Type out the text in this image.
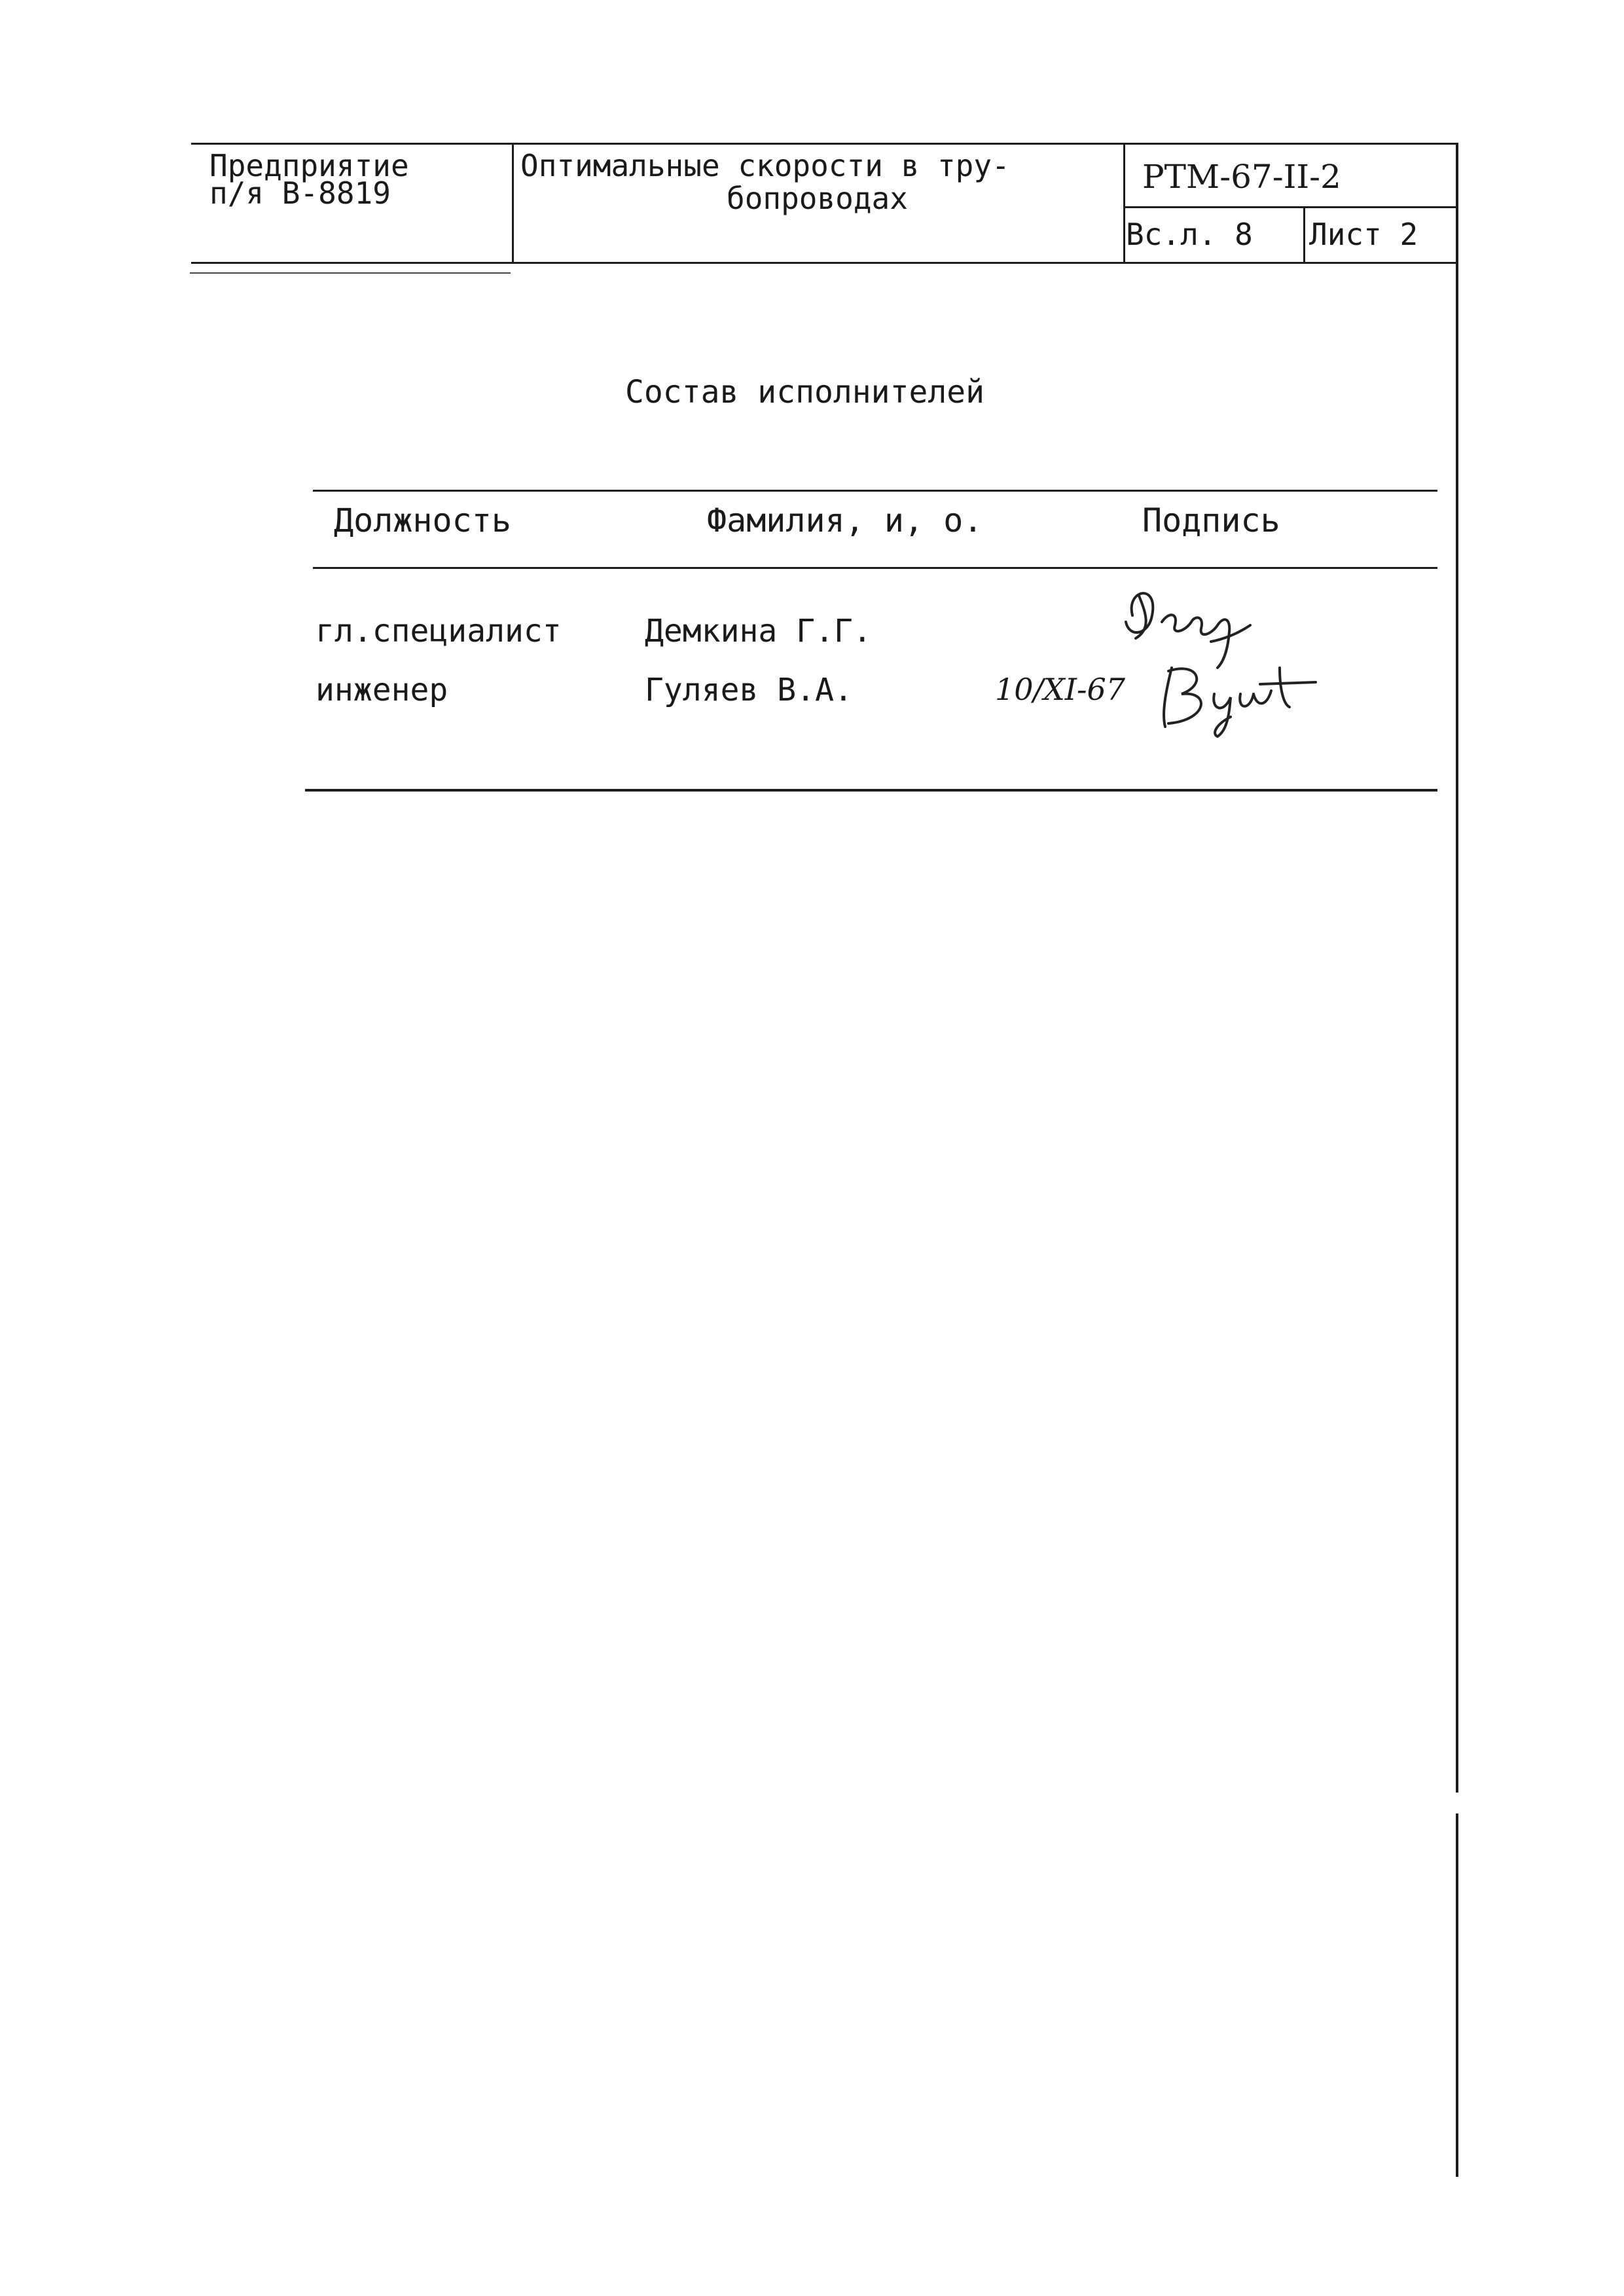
Предприятие
п/я В-8819
Оптимальные скорости в тру-
бопроводах
РТМ-67-II-2
Вс.л. 8 Лист 2
Состав исполнителей
Должность	Фамилия, и, о.	Подпись
гл.специалист	Демкина Г.Г.
инженер	Гуляев В.А.	10/XI-67
